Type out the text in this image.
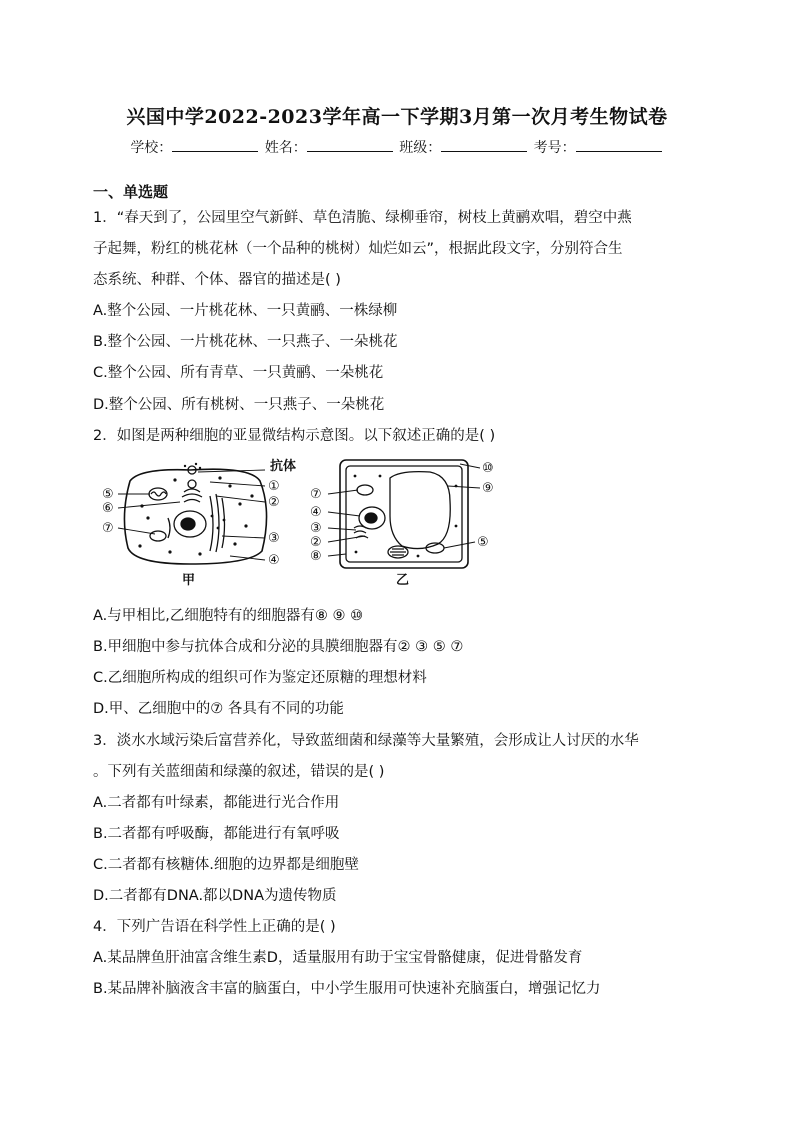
兴国中学2022-2023学年高一下学期3月第一次月考生物试卷
学校：	姓名：	班级：	考号：
一、单选题
1．“春天到了，公园里空气新鲜、草色清脆、绿柳垂帘，树枝上黄鹂欢唱，碧空中燕
子起舞，粉红的桃花林（一个品种的桃树）灿烂如云”，根据此段文字，分别符合生
态系统、种群、个体、器官的描述是( )
A.整个公园、一片桃花林、一只黄鹂、一株绿柳
B.整个公园、一片桃花林、一只燕子、一朵桃花
C.整个公园、所有青草、一只黄鹂、一朵桃花
D.整个公园、所有桃树、一只燕子、一朵桃花
2．如图是两种细胞的亚显微结构示意图。以下叙述正确的是( )
抗体
①
②
③
④
⑤
⑥
⑦
甲
⑩
⑨
⑦
④
③
②
⑧
⑤
乙
A.与甲相比,乙细胞特有的细胞器有⑧ ⑨ ⑩
B.甲细胞中参与抗体合成和分泌的具膜细胞器有② ③ ⑤ ⑦
C.乙细胞所构成的组织可作为鉴定还原糖的理想材料
D.甲、乙细胞中的⑦ 各具有不同的功能
3．淡水水域污染后富营养化，导致蓝细菌和绿藻等大量繁殖，会形成让人讨厌的水华
。下列有关蓝细菌和绿藻的叙述，错误的是( )
A.二者都有叶绿素，都能进行光合作用
B.二者都有呼吸酶，都能进行有氧呼吸
C.二者都有核糖体.细胞的边界都是细胞壁
D.二者都有DNA.都以DNA为遗传物质
4．下列广告语在科学性上正确的是( )
A.某品牌鱼肝油富含维生素D，适量服用有助于宝宝骨骼健康，促进骨骼发育
B.某品牌补脑液含丰富的脑蛋白，中小学生服用可快速补充脑蛋白，增强记忆力
